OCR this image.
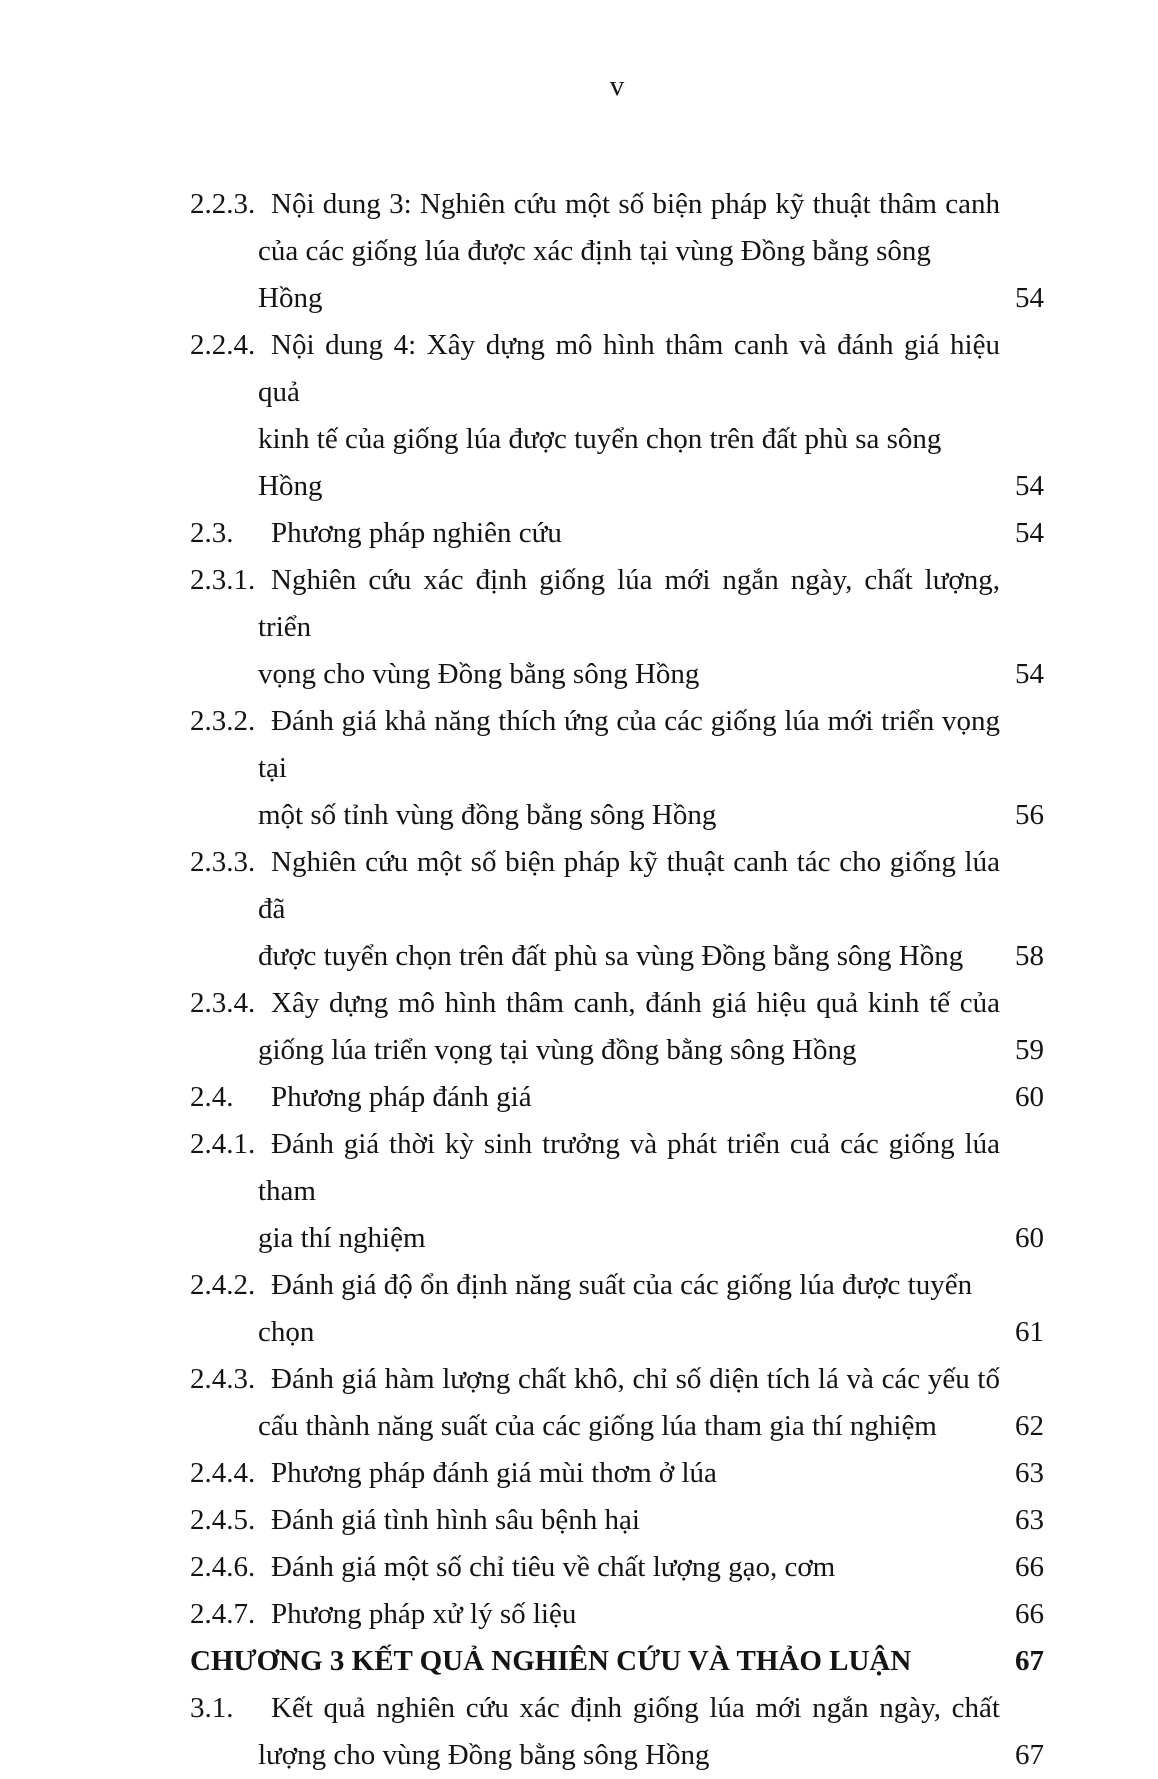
v
2.2.3. Nội dung 3: Nghiên cứu một số biện pháp kỹ thuật thâm canh
của các giống lúa được xác định tại vùng Đồng bằng sông Hồng	54
2.2.4. Nội dung 4: Xây dựng mô hình thâm canh và đánh giá hiệu quả
kinh tế của giống lúa được tuyển chọn trên đất phù sa sông Hồng	54
2.3.	Phương pháp nghiên cứu	54
2.3.1. Nghiên cứu xác định giống lúa mới ngắn ngày, chất lượng, triển
vọng cho vùng Đồng bằng sông Hồng	54
2.3.2. Đánh giá khả năng thích ứng của các giống lúa mới triển vọng tại
một số tỉnh vùng đồng bằng sông Hồng	56
2.3.3. Nghiên cứu một số biện pháp kỹ thuật canh tác cho giống lúa đã
được tuyển chọn trên đất phù sa vùng Đồng bằng sông Hồng	58
2.3.4. Xây dựng mô hình thâm canh, đánh giá hiệu quả kinh tế của
giống lúa triển vọng tại vùng đồng bằng sông Hồng	59
2.4.	Phương pháp đánh giá	60
2.4.1. Đánh giá thời kỳ sinh trưởng và phát triển cuả các giống lúa tham
gia thí nghiệm	60
2.4.2. Đánh giá độ ổn định năng suất của các giống lúa được tuyển chọn	61
2.4.3. Đánh giá hàm lượng chất khô, chỉ số diện tích lá và các yếu tố
cấu thành năng suất của các giống lúa tham gia thí nghiệm	62
2.4.4. Phương pháp đánh giá mùi thơm ở lúa	63
2.4.5. Đánh giá tình hình sâu bệnh hại	63
2.4.6. Đánh giá một số chỉ tiêu về chất lượng gạo, cơm	66
2.4.7. Phương pháp xử lý số liệu	66
CHƯƠNG 3 KẾT QUẢ NGHIÊN CỨU VÀ THẢO LUẬN	67
3.1.	Kết quả nghiên cứu xác định giống lúa mới ngắn ngày, chất
lượng cho vùng Đồng bằng sông Hồng	67
